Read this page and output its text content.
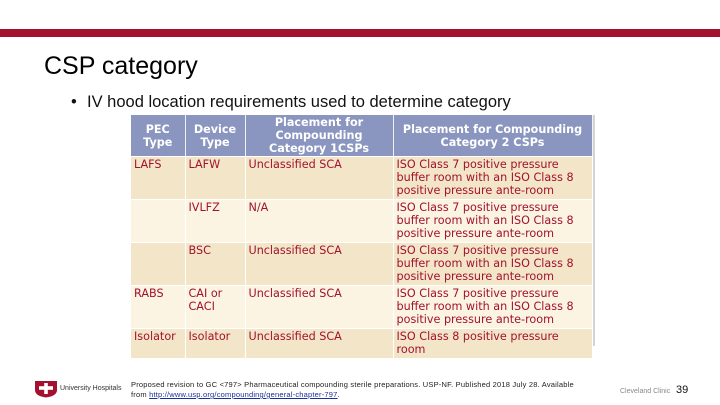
CSP category
• IV hood location requirements used to determine category
PEC Type	Device Type	Placement for Compounding Category 1CSPs	Placement for Compounding Category 2 CSPs
LAFS	LAFW	Unclassified SCA	ISO Class 7 positive pressure buffer room with an ISO Class 8 positive pressure ante-room
	IVLFZ	N/A	ISO Class 7 positive pressure buffer room with an ISO Class 8 positive pressure ante-room
	BSC	Unclassified SCA	ISO Class 7 positive pressure buffer room with an ISO Class 8 positive pressure ante-room
RABS	CAI or CACI	Unclassified SCA	ISO Class 7 positive pressure buffer room with an ISO Class 8 positive pressure ante-room
Isolator	Isolator	Unclassified SCA	ISO Class 8 positive pressure room
University Hospitals Proposed revision to GC <797> Pharmaceutical compounding sterile preparations. USP-NF. Published 2018 July 28. Available from http://www.usp.org/compounding/general-chapter-797.	Cleveland Clinic 39
